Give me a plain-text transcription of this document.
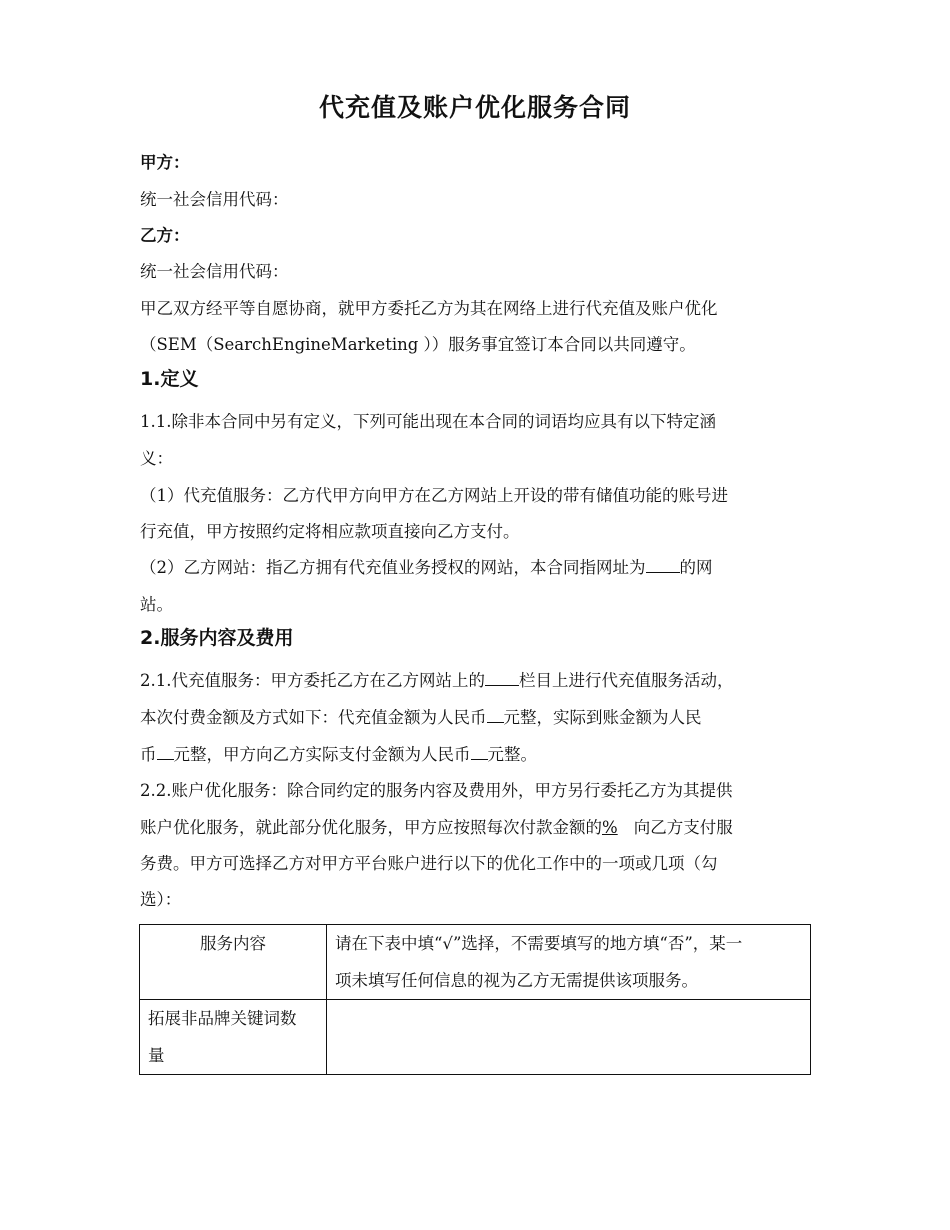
代充值及账户优化服务合同
甲方：
统一社会信用代码：
乙方：
统一社会信用代码：
甲乙双方经平等自愿协商，就甲方委托乙方为其在网络上进行代充值及账户优化
（SEM（SearchEngineMarketing ））服务事宜签订本合同以共同遵守。
1.定义
1.1.除非本合同中另有定义，下列可能出现在本合同的词语均应具有以下特定涵
义：
（1）代充值服务：乙方代甲方向甲方在乙方网站上开设的带有储值功能的账号进
行充值，甲方按照约定将相应款项直接向乙方支付。
（2）乙方网站：指乙方拥有代充值业务授权的网站，本合同指网址为 的网
站。
2.服务内容及费用
2.1.代充值服务：甲方委托乙方在乙方网站上的 栏目上进行代充值服务活动，
本次付费金额及方式如下：代充值金额为人民币 元整，实际到账金额为人民
币 元整，甲方向乙方实际支付金额为人民币 元整。
2.2.账户优化服务：除合同约定的服务内容及费用外，甲方另行委托乙方为其提供
账户优化服务，就此部分优化服务，甲方应按照每次付款金额的% 向乙方支付服
务费。甲方可选择乙方对甲方平台账户进行以下的优化工作中的一项或几项（勾
选）：
服务内容	请在下表中填“√”选择，不需要填写的地方填“否”，某一
项未填写任何信息的视为乙方无需提供该项服务。

拓展非品牌关键词数
量	
